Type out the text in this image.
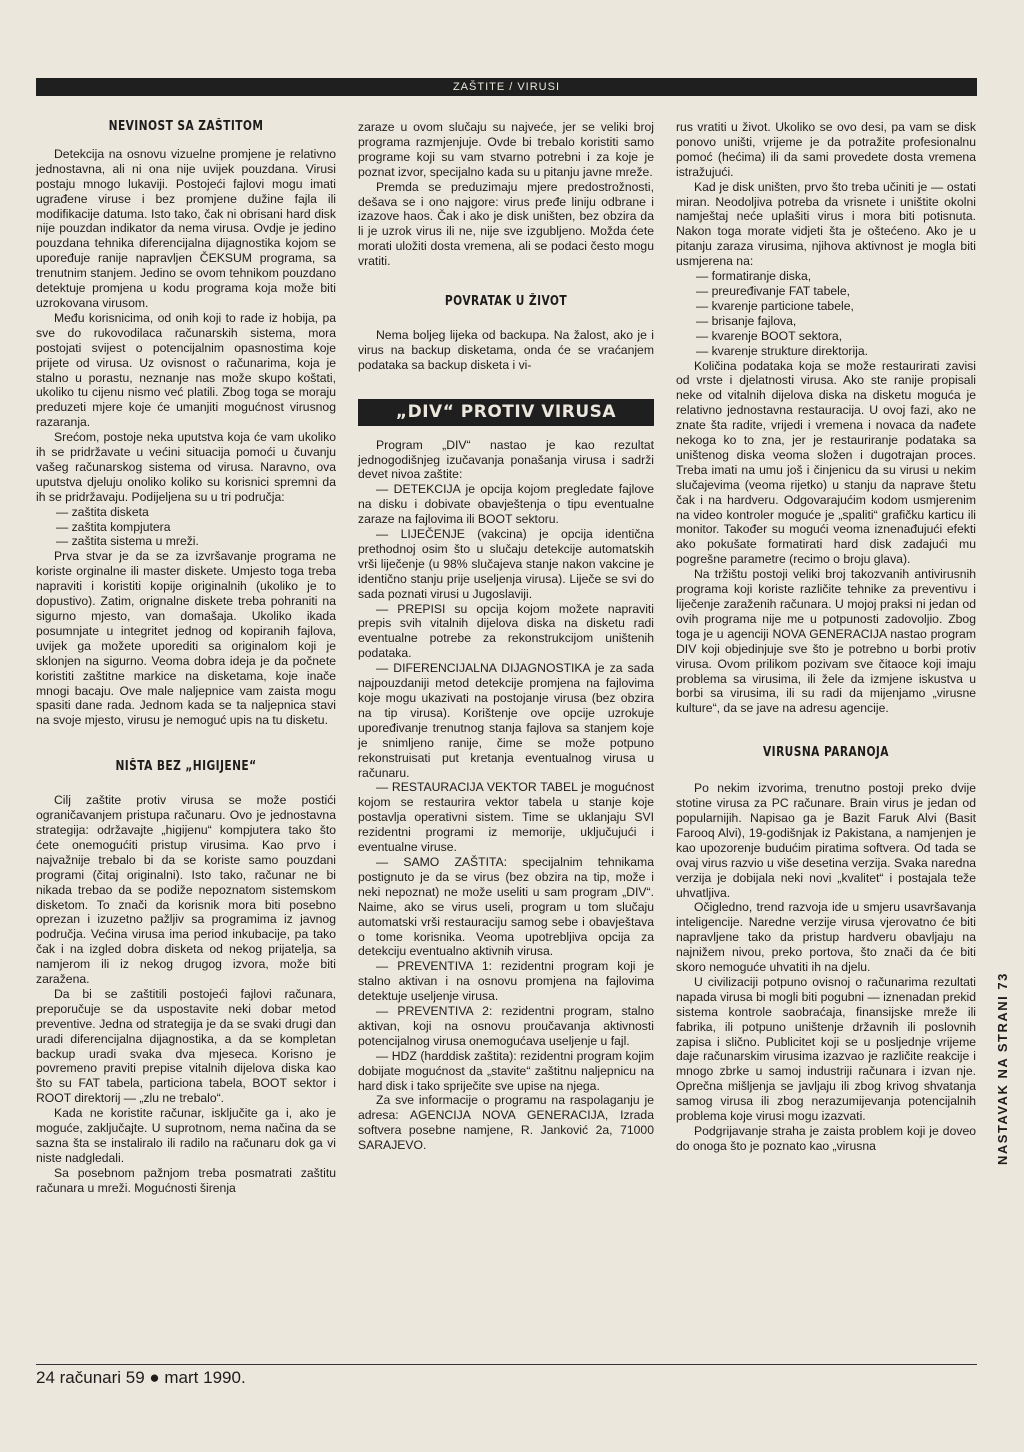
ZAŠTITE / VIRUSI
NEVINOST SA ZAŠTITOM

Detekcija na osnovu vizuelne promjene je relativno jednostavna, ali ni ona nije uvijek pouzdana. Virusi postaju mnogo lukaviji. Postojeći fajlovi mogu imati ugrađene viruse i bez promjene dužine fajla ili modifikacije datuma. Isto tako, čak ni obrisani hard disk nije pouzdan indikator da nema virusa. Ovdje je jedino pouzdana tehnika diferencijalna dijagnostika kojom se upoređuje ranije napravljen ČEKSUM programa, sa trenutnim stanjem. Jedino se ovom tehnikom pouzdano detektuje promjena u kodu programa koja može biti uzrokovana virusom.

Među korisnicima, od onih koji to rade iz hobija, pa sve do rukovodilaca računarskih sistema, mora postojati svijest o potencijalnim opasnostima koje prijete od virusa. Uz ovisnost o računarima, koja je stalno u porastu, neznanje nas može skupo koštati, ukoliko tu cijenu nismo već platili. Zbog toga se moraju preduzeti mjere koje će umanjiti mogućnost virusnog razaranja.

Srećom, postoje neka uputstva koja će vam ukoliko ih se pridržavate u većini situacija pomoći u čuvanju vašeg računarskog sistema od virusa. Naravno, ova uputstva djeluju onoliko koliko su korisnici spremni da ih se pridržavaju. Podijeljena su u tri područja:

— zaštita disketa
— zaštita kompjutera
— zaštita sistema u mreži.

Prva stvar je da se za izvršavanje programa ne koriste orginalne ili master diskete. Umjesto toga treba napraviti i koristiti kopije originalnih (ukoliko je to dopustivo). Zatim, orignalne diskete treba pohraniti na sigurno mjesto, van domašaja. Ukoliko ikada posumnjate u integritet jednog od kopiranih fajlova, uvijek ga možete uporediti sa originalom koji je sklonjen na sigurno. Veoma dobra ideja je da počnete koristiti zaštitne markice na disketama, koje inače mnogi bacaju. Ove male naljepnice vam zaista mogu spasiti dane rada. Jednom kada se ta naljepnica stavi na svoje mjesto, virusu je nemoguć upis na tu disketu.

NIŠTA BEZ „HIGIJENE“

Cilj zaštite protiv virusa se može postići ograničavanjem pristupa računaru. Ovo je jednostavna strategija: održavajte „higijenu“ kompjutera tako što ćete onemogućiti pristup virusima. Kao prvo i najvažnije trebalo bi da se koriste samo pouzdani programi (čitaj originalni). Isto tako, računar ne bi nikada trebao da se podiže nepoznatom sistemskom disketom. To znači da korisnik mora biti posebno oprezan i izuzetno pažljiv sa programima iz javnog područja. Većina virusa ima period inkubacije, pa tako čak i na izgled dobra disketa od nekog prijatelja, sa namjerom ili iz nekog drugog izvora, može biti zaražena.

Da bi se zaštitili postojeći fajlovi računara, preporučuje se da uspostavite neki dobar metod preventive. Jedna od strategija je da se svaki drugi dan uradi diferencijalna dijagnostika, a da se kompletan backup uradi svaka dva mjeseca. Korisno je povremeno praviti prepise vitalnih dijelova diska kao što su FAT tabela, particiona tabela, BOOT sektor i ROOT direktorij — „zlu ne trebalo“.

Kada ne koristite računar, isključite ga i, ako je moguće, zaključajte. U suprotnom, nema načina da se sazna šta se instaliralo ili radilo na računaru dok ga vi niste nadgledali.

Sa posebnom pažnjom treba posmatrati zaštitu računara u mreži. Mogućnosti širenja

zaraze u ovom slučaju su najveće, jer se veliki broj programa razmjenjuje. Ovde bi trebalo koristiti samo programe koji su vam stvarno potrebni i za koje je poznat izvor, specijalno kada su u pitanju javne mreže.

Premda se preduzimaju mjere predostrožnosti, dešava se i ono najgore: virus pređe liniju odbrane i izazove haos. Čak i ako je disk uništen, bez obzira da li je uzrok virus ili ne, nije sve izgubljeno. Možda ćete morati uložiti dosta vremena, ali se podaci često mogu vratiti.

POVRATAK U ŽIVOT

Nema boljeg lijeka od backupa. Na žalost, ako je i virus na backup disketama, onda će se vraćanjem podataka sa backup disketa i vi-

„DIV“ PROTIV VIRUSA

Program „DIV“ nastao je kao rezultat jednogodišnjeg izučavanja ponašanja virusa i sadrži devet nivoa zaštite:

— DETEKCIJA je opcija kojom pregledate fajlove na disku i dobivate obavještenja o tipu eventualne zaraze na fajlovima ili BOOT sektoru.

— LIJEČENJE (vakcina) je opcija identična prethodnoj osim što u slučaju detekcije automatskih vrši liječenje (u 98% slučajeva stanje nakon vakcine je identično stanju prije useljenja virusa). Liječe se svi do sada poznati virusi u Jugoslaviji.

— PREPISI su opcija kojom možete napraviti prepis svih vitalnih dijelova diska na disketu radi eventualne potrebe za rekonstrukcijom uništenih podataka.

— DIFERENCIJALNA DIJAGNOSTIKA je za sada najpouzdaniji metod detekcije promjena na fajlovima koje mogu ukazivati na postojanje virusa (bez obzira na tip virusa). Korištenje ove opcije uzrokuje upoređivanje trenutnog stanja fajlova sa stanjem koje je snimljeno ranije, čime se može potpuno rekonstruisati put kretanja eventualnog virusa u računaru.

— RESTAURACIJA VEKTOR TABEL je mogućnost kojom se restaurira vektor tabela u stanje koje postavlja operativni sistem. Time se uklanjaju SVI rezidentni programi iz memorije, uključujući i eventualne viruse.

— SAMO ZAŠTITA: specijalnim tehnikama postignuto je da se virus (bez obzira na tip, može i neki nepoznat) ne može useliti u sam program „DIV“. Naime, ako se virus useli, program u tom slučaju automatski vrši restauraciju samog sebe i obavještava o tome korisnika. Veoma upotrebljiva opcija za detekciju eventualno aktivnih virusa.

— PREVENTIVA 1: rezidentni program koji je stalno aktivan i na osnovu promjena na fajlovima detektuje useljenje virusa.

— PREVENTIVA 2: rezidentni program, stalno aktivan, koji na osnovu proučavanja aktivnosti potencijalnog virusa onemogućava useljenje u fajl.

— HDZ (harddisk zaštita): rezidentni program kojim dobijate mogućnost da „stavite“ zaštitnu naljepnicu na hard disk i tako spriječite sve upise na njega.

Za sve informacije o programu na raspolaganju je adresa: AGENCIJA NOVA GENERACIJA, Izrada softvera posebne namjene, R. Janković 2a, 71000 SARAJEVO.

rus vratiti u život. Ukoliko se ovo desi, pa vam se disk ponovo uništi, vrijeme je da potražite profesionalnu pomoć (hećima) ili da sami provedete dosta vremena istražujući.

Kad je disk uništen, prvo što treba učiniti je — ostati miran. Neodoljiva potreba da vrisnete i uništite okolni namještaj neće uplašiti virus i mora biti potisnuta. Nakon toga morate vidjeti šta je oštećeno. Ako je u pitanju zaraza virusima, njihova aktivnost je mogla biti usmjerena na:

— formatiranje diska,
— preuređivanje FAT tabele,
— kvarenje particione tabele,
— brisanje fajlova,
— kvarenje BOOT sektora,
— kvarenje strukture direktorija.

Količina podataka koja se može restaurirati zavisi od vrste i djelatnosti virusa. Ako ste ranije propisali neke od vitalnih dijelova diska na disketu moguća je relativno jednostavna restauracija. U ovoj fazi, ako ne znate šta radite, vrijedi i vremena i novaca da nađete nekoga ko to zna, jer je restauriranje podataka sa uništenog diska veoma složen i dugotrajan proces. Treba imati na umu još i činjenicu da su virusi u nekim slučajevima (veoma rijetko) u stanju da naprave štetu čak i na hardveru. Odgovarajućim kodom usmjerenim na video kontroler moguće je „spaliti“ grafičku karticu ili monitor. Također su mogući veoma iznenađujući efekti ako pokušate formatirati hard disk zadajući mu pogrešne parametre (recimo o broju glava).

Na tržištu postoji veliki broj takozvanih antivirusnih programa koji koriste različite tehnike za preventivu i liječenje zaraženih računara. U mojoj praksi ni jedan od ovih programa nije me u potpunosti zadovoljio. Zbog toga je u agenciji NOVA GENERACIJA nastao program DIV koji objedinjuje sve što je potrebno u borbi protiv virusa. Ovom prilikom pozivam sve čitaoce koji imaju problema sa virusima, ili žele da izmjene iskustva u borbi sa virusima, ili su radi da mijenjamo „virusne kulture“, da se jave na adresu agencije.

VIRUSNA PARANOJA

Po nekim izvorima, trenutno postoji preko dvije stotine virusa za PC računare. Brain virus je jedan od popularnijih. Napisao ga je Bazit Faruk Alvi (Basit Farooq Alvi), 19-godišnjak iz Pakistana, a namjenjen je kao upozorenje budućim piratima softvera. Od tada se ovaj virus razvio u više desetina verzija. Svaka naredna verzija je dobijala neki novi „kvalitet“ i postajala teže uhvatljiva.

Očigledno, trend razvoja ide u smjeru usavršavanja inteligencije. Naredne verzije virusa vjerovatno će biti napravljene tako da pristup hardveru obavljaju na najnižem nivou, preko portova, što znači da će biti skoro nemoguće uhvatiti ih na djelu.

U civilizaciji potpuno ovisnoj o računarima rezultati napada virusa bi mogli biti pogubni — iznenadan prekid sistema kontrole saobraćaja, finansijske mreže ili fabrika, ili potpuno uništenje državnih ili poslovnih zapisa i slično. Publicitet koji se u posljednje vrijeme daje računarskim virusima izazvao je različite reakcije i mnogo zbrke u samoj industriji računara i izvan nje. Oprečna mišljenja se javljaju ili zbog krivog shvatanja samog virusa ili zbog nerazumijevanja potencijalnih problema koje virusi mogu izazvati.

Podgrijavanje straha je zaista problem koji je doveo do onoga što je poznato kao „virusna

24 računari 59 ● mart 1990.
NASTAVAK NA STRANI 73
